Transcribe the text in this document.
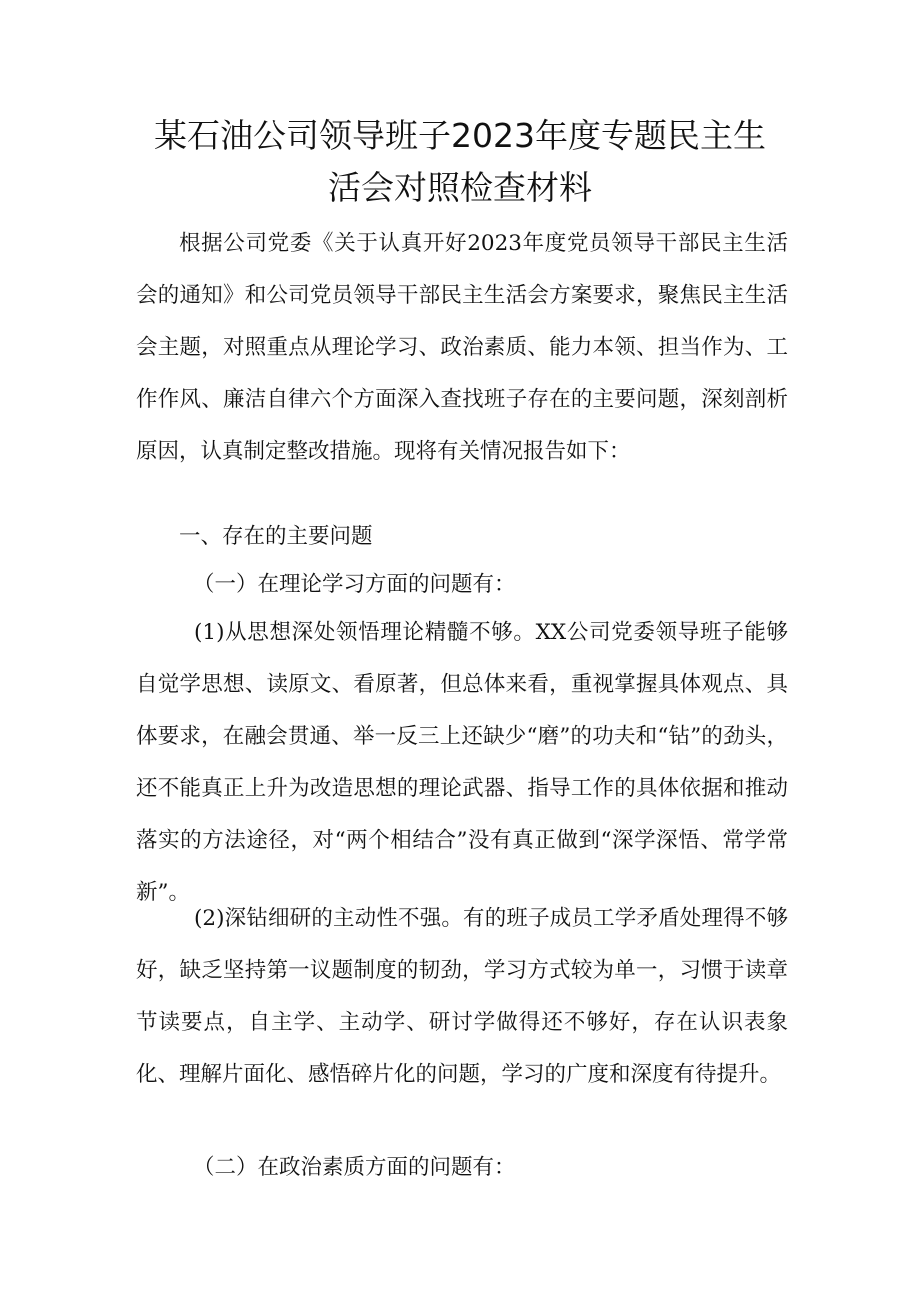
某石油公司领导班子2023年度专题民主生
活会对照检查材料
根据公司党委《关于认真开好2023年度党员领导干部民主生活会的通知》和公司党员领导干部民主生活会方案要求，聚焦民主生活会主题，对照重点从理论学习、政治素质、能力本领、担当作为、工作作风、廉洁自律六个方面深入查找班子存在的主要问题，深刻剖析原因，认真制定整改措施。现将有关情况报告如下：
一、存在的主要问题
（一）在理论学习方面的问题有：
(1)从思想深处领悟理论精髓不够。XX公司党委领导班子能够自觉学思想、读原文、看原著，但总体来看，重视掌握具体观点、具体要求，在融会贯通、举一反三上还缺少“磨”的功夫和“钻”的劲头，还不能真正上升为改造思想的理论武器、指导工作的具体依据和推动落实的方法途径，对“两个相结合”没有真正做到“深学深悟、常学常新”。
(2)深钻细研的主动性不强。有的班子成员工学矛盾处理得不够好，缺乏坚持第一议题制度的韧劲，学习方式较为单一，习惯于读章节读要点，自主学、主动学、研讨学做得还不够好，存在认识表象化、理解片面化、感悟碎片化的问题，学习的广度和深度有待提升。
（二）在政治素质方面的问题有：
